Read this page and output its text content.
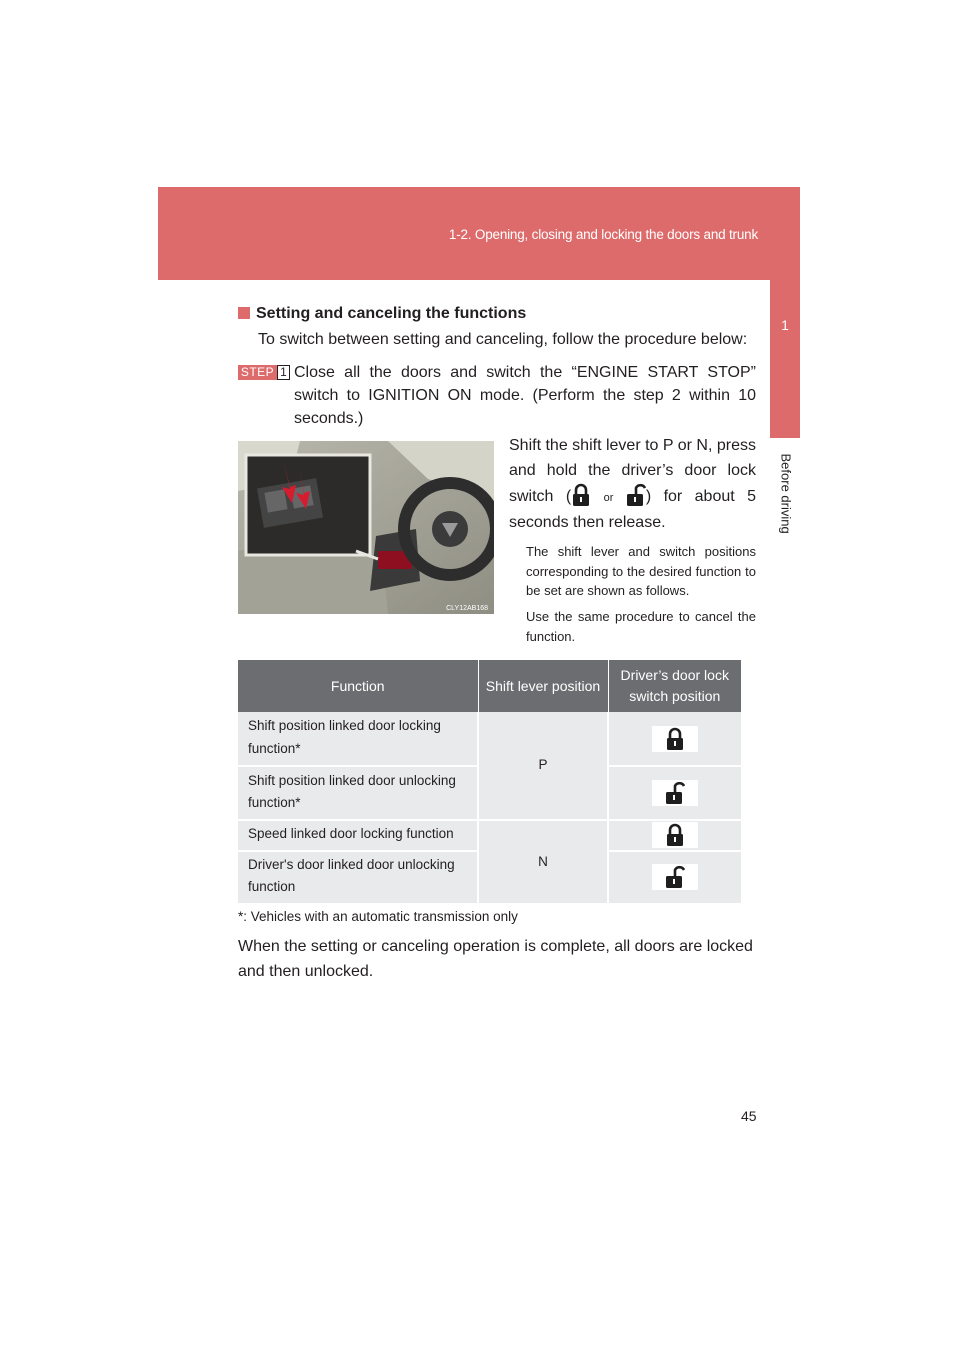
1-2. Opening, closing and locking the doors and trunk
1
Before driving
Setting and canceling the functions
To switch between setting and canceling, follow the procedure below:
STEP 1 Close all the doors and switch the “ENGINE START STOP” switch to IGNITION ON mode. (Perform the step 2 within 10 seconds.)
CLY12AB168
Shift the shift lever to P or N, press and hold the driver’s door lock switch (	or ) for about 5 seconds then release.
The shift lever and switch positions corresponding to the desired function to be set are shown as follows.
Use the same procedure to cancel the function.
Function	Shift lever position	Driver’s door lock switch position
Shift position linked door locking function*	P	
Shift position linked door unlocking function*	
Speed linked door locking function	N	
Driver's door linked door unlocking function	
*: Vehicles with an automatic transmission only
When the setting or canceling operation is complete, all doors are locked and then unlocked.
45
